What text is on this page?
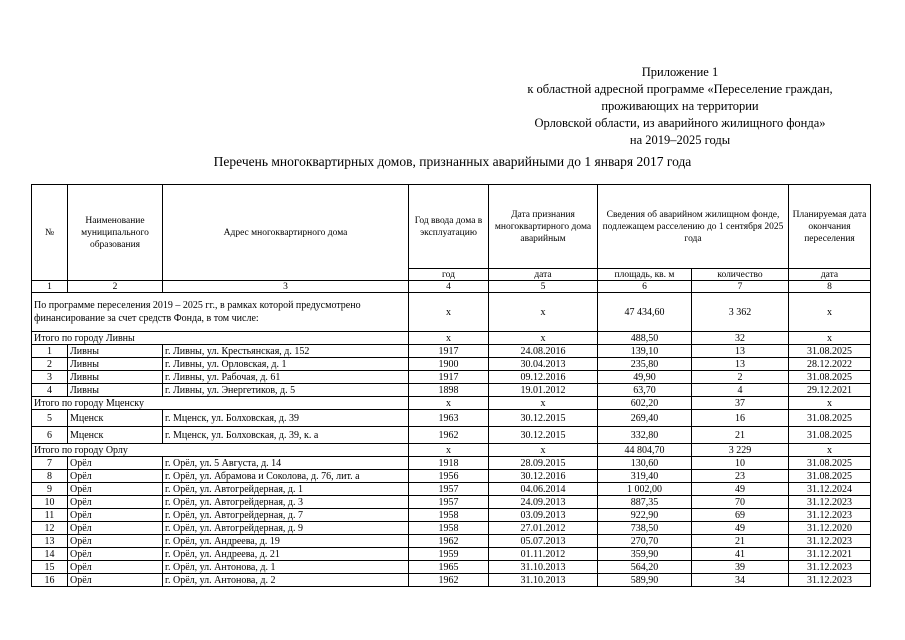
Приложение 1
к областной адресной программе «Переселение граждан,
проживающих на территории
Орловской области, из аварийного жилищного фонда»
на 2019–2025 годы
Перечень многоквартирных домов, признанных аварийными до 1 января 2017 года
№	Наименование муниципального образования	Адрес многоквартирного дома	Год ввода дома в эксплуатацию	Дата признания многоквартирного дома аварийным	Сведения об аварийном жилищном фонде, подлежащем расселению до 1 сентября 2025 года		Планируемая дата окончания переселения
			год	дата	площадь, кв. м	количество	дата
1	2	3	4	5	6	7	8
По программе переселения 2019 – 2025 гг., в рамках которой предусмотрено финансирование за счет средств Фонда, в том числе:			x	x	47 434,60	3 362	x
Итого по городу Ливны			x	x	488,50	32	x
1	Ливны	г. Ливны, ул. Крестьянская, д. 152	1917	24.08.2016	139,10	13	31.08.2025
2	Ливны	г. Ливны, ул. Орловская, д. 1	1900	30.04.2013	235,80	13	28.12.2022
3	Ливны	г. Ливны, ул. Рабочая, д. 61	1917	09.12.2016	49,90	2	31.08.2025
4	Ливны	г. Ливны, ул. Энергетиков, д. 5	1898	19.01.2012	63,70	4	29.12.2021
Итого по городу Мценску			x	x	602,20	37	x
5	Мценск	г. Мценск, ул. Болховская, д. 39	1963	30.12.2015	269,40	16	31.08.2025
6	Мценск	г. Мценск, ул. Болховская, д. 39, к. а	1962	30.12.2015	332,80	21	31.08.2025
Итого по городу Орлу			x	x	44 804,70	3 229	x
7	Орёл	г. Орёл, ул. 5 Августа, д. 14	1918	28.09.2015	130,60	10	31.08.2025
8	Орёл	г. Орёл, ул. Абрамова и Соколова, д. 76, лит. а	1956	30.12.2016	319,40	23	31.08.2025
9	Орёл	г. Орёл, ул. Автогрейдерная, д. 1	1957	04.06.2014	1 002,00	49	31.12.2024
10	Орёл	г. Орёл, ул. Автогрейдерная, д. 3	1957	24.09.2013	887,35	70	31.12.2023
11	Орёл	г. Орёл, ул. Автогрейдерная, д. 7	1958	03.09.2013	922,90	69	31.12.2023
12	Орёл	г. Орёл, ул. Автогрейдерная, д. 9	1958	27.01.2012	738,50	49	31.12.2020
13	Орёл	г. Орёл, ул. Андреева, д. 19	1962	05.07.2013	270,70	21	31.12.2023
14	Орёл	г. Орёл, ул. Андреева, д. 21	1959	01.11.2012	359,90	41	31.12.2021
15	Орёл	г. Орёл, ул. Антонова, д. 1	1965	31.10.2013	564,20	39	31.12.2023
16	Орёл	г. Орёл, ул. Антонова, д. 2	1962	31.10.2013	589,90	34	31.12.2023
